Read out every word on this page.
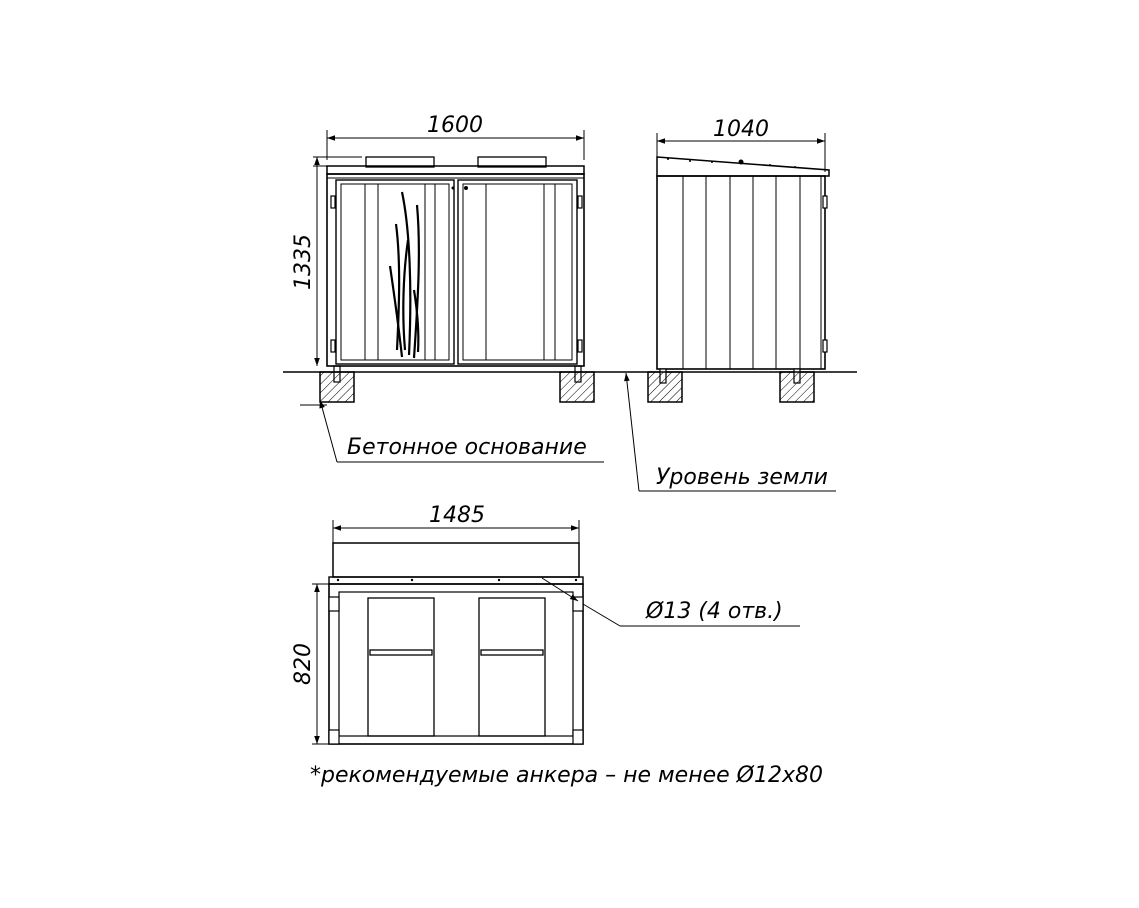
1600
1335
Бетонное основание
1040
Уровень земли
1485
820
Ø13 (4 отв.)
*рекомендуемые анкера – не менее Ø12x80
